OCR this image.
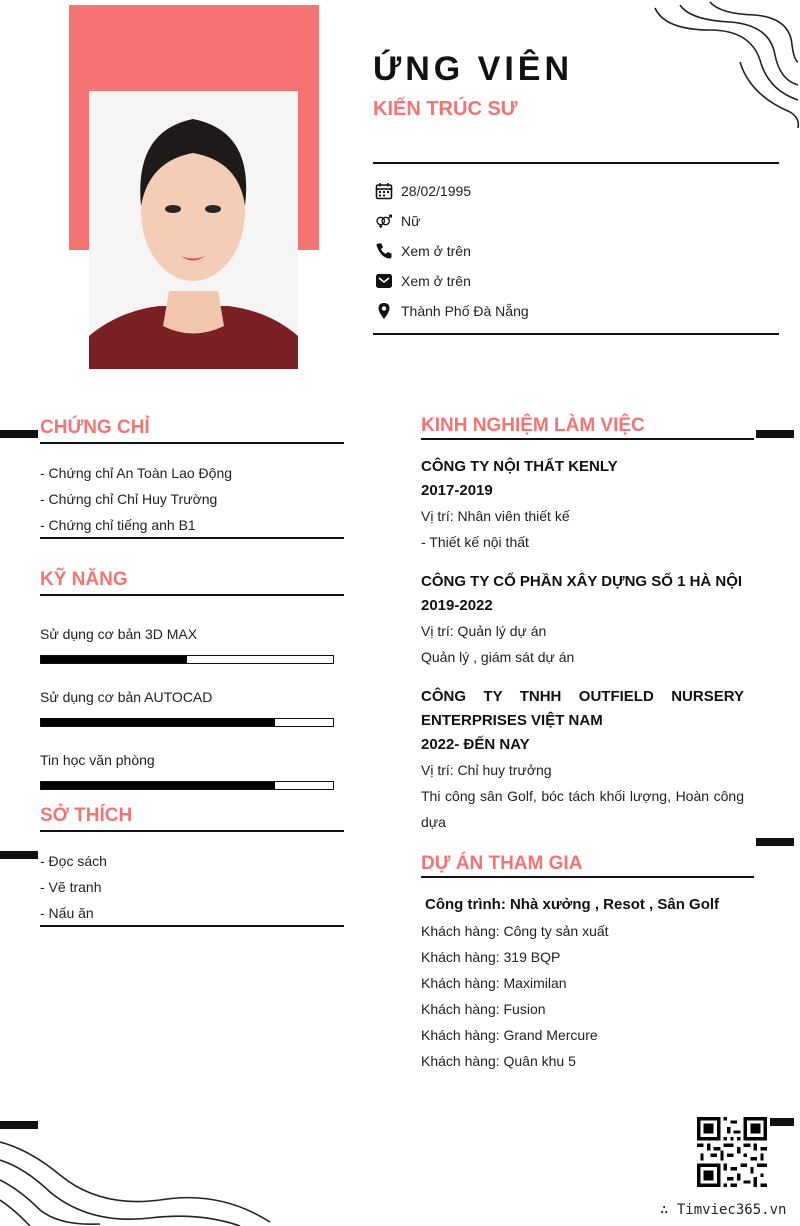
ỨNG VIÊN
KIẾN TRÚC SƯ
28/02/1995
Nữ
Xem ở trên
Xem ở trên
Thành Phố Đà Nẵng
CHỨNG CHỈ
- Chứng chỉ An Toàn Lao Động
- Chứng chỉ Chỉ Huy Trường
- Chứng chỉ tiếng anh B1
KỸ NĂNG
Sử dụng cơ bản 3D MAX
Sử dụng cơ bản AUTOCAD
Tin học văn phòng
SỞ THÍCH
- Đọc sách
- Vẽ tranh
- Nấu ăn
KINH NGHIỆM LÀM VIỆC
CÔNG TY NỘI THẤT KENLY
2017-2019
Vị trí: Nhân viên thiết kế
- Thiết kế nội thất
CÔNG TY CỔ PHẦN XÂY DỰNG SỐ 1 HÀ NỘI
2019-2022
Vị trí: Quản lý dự án
Quản lý , giám sát dự án
CÔNG TY TNHH OUTFIELD NURSERY ENTERPRISES VIỆT NAM
2022- ĐẾN NAY
Vị trí: Chỉ huy trưởng
Thi công sân Golf, bóc tách khối lượng, Hoàn công dựa
DỰ ÁN THAM GIA
Công trình: Nhà xưởng , Resot , Sân Golf
Khách hàng: Công ty sản xuất
Khách hàng: 319 BQP
Khách hàng: Maximilan
Khách hàng: Fusion
Khách hàng: Grand Mercure
Khách hàng: Quân khu 5
∴ Timviec365.vn
